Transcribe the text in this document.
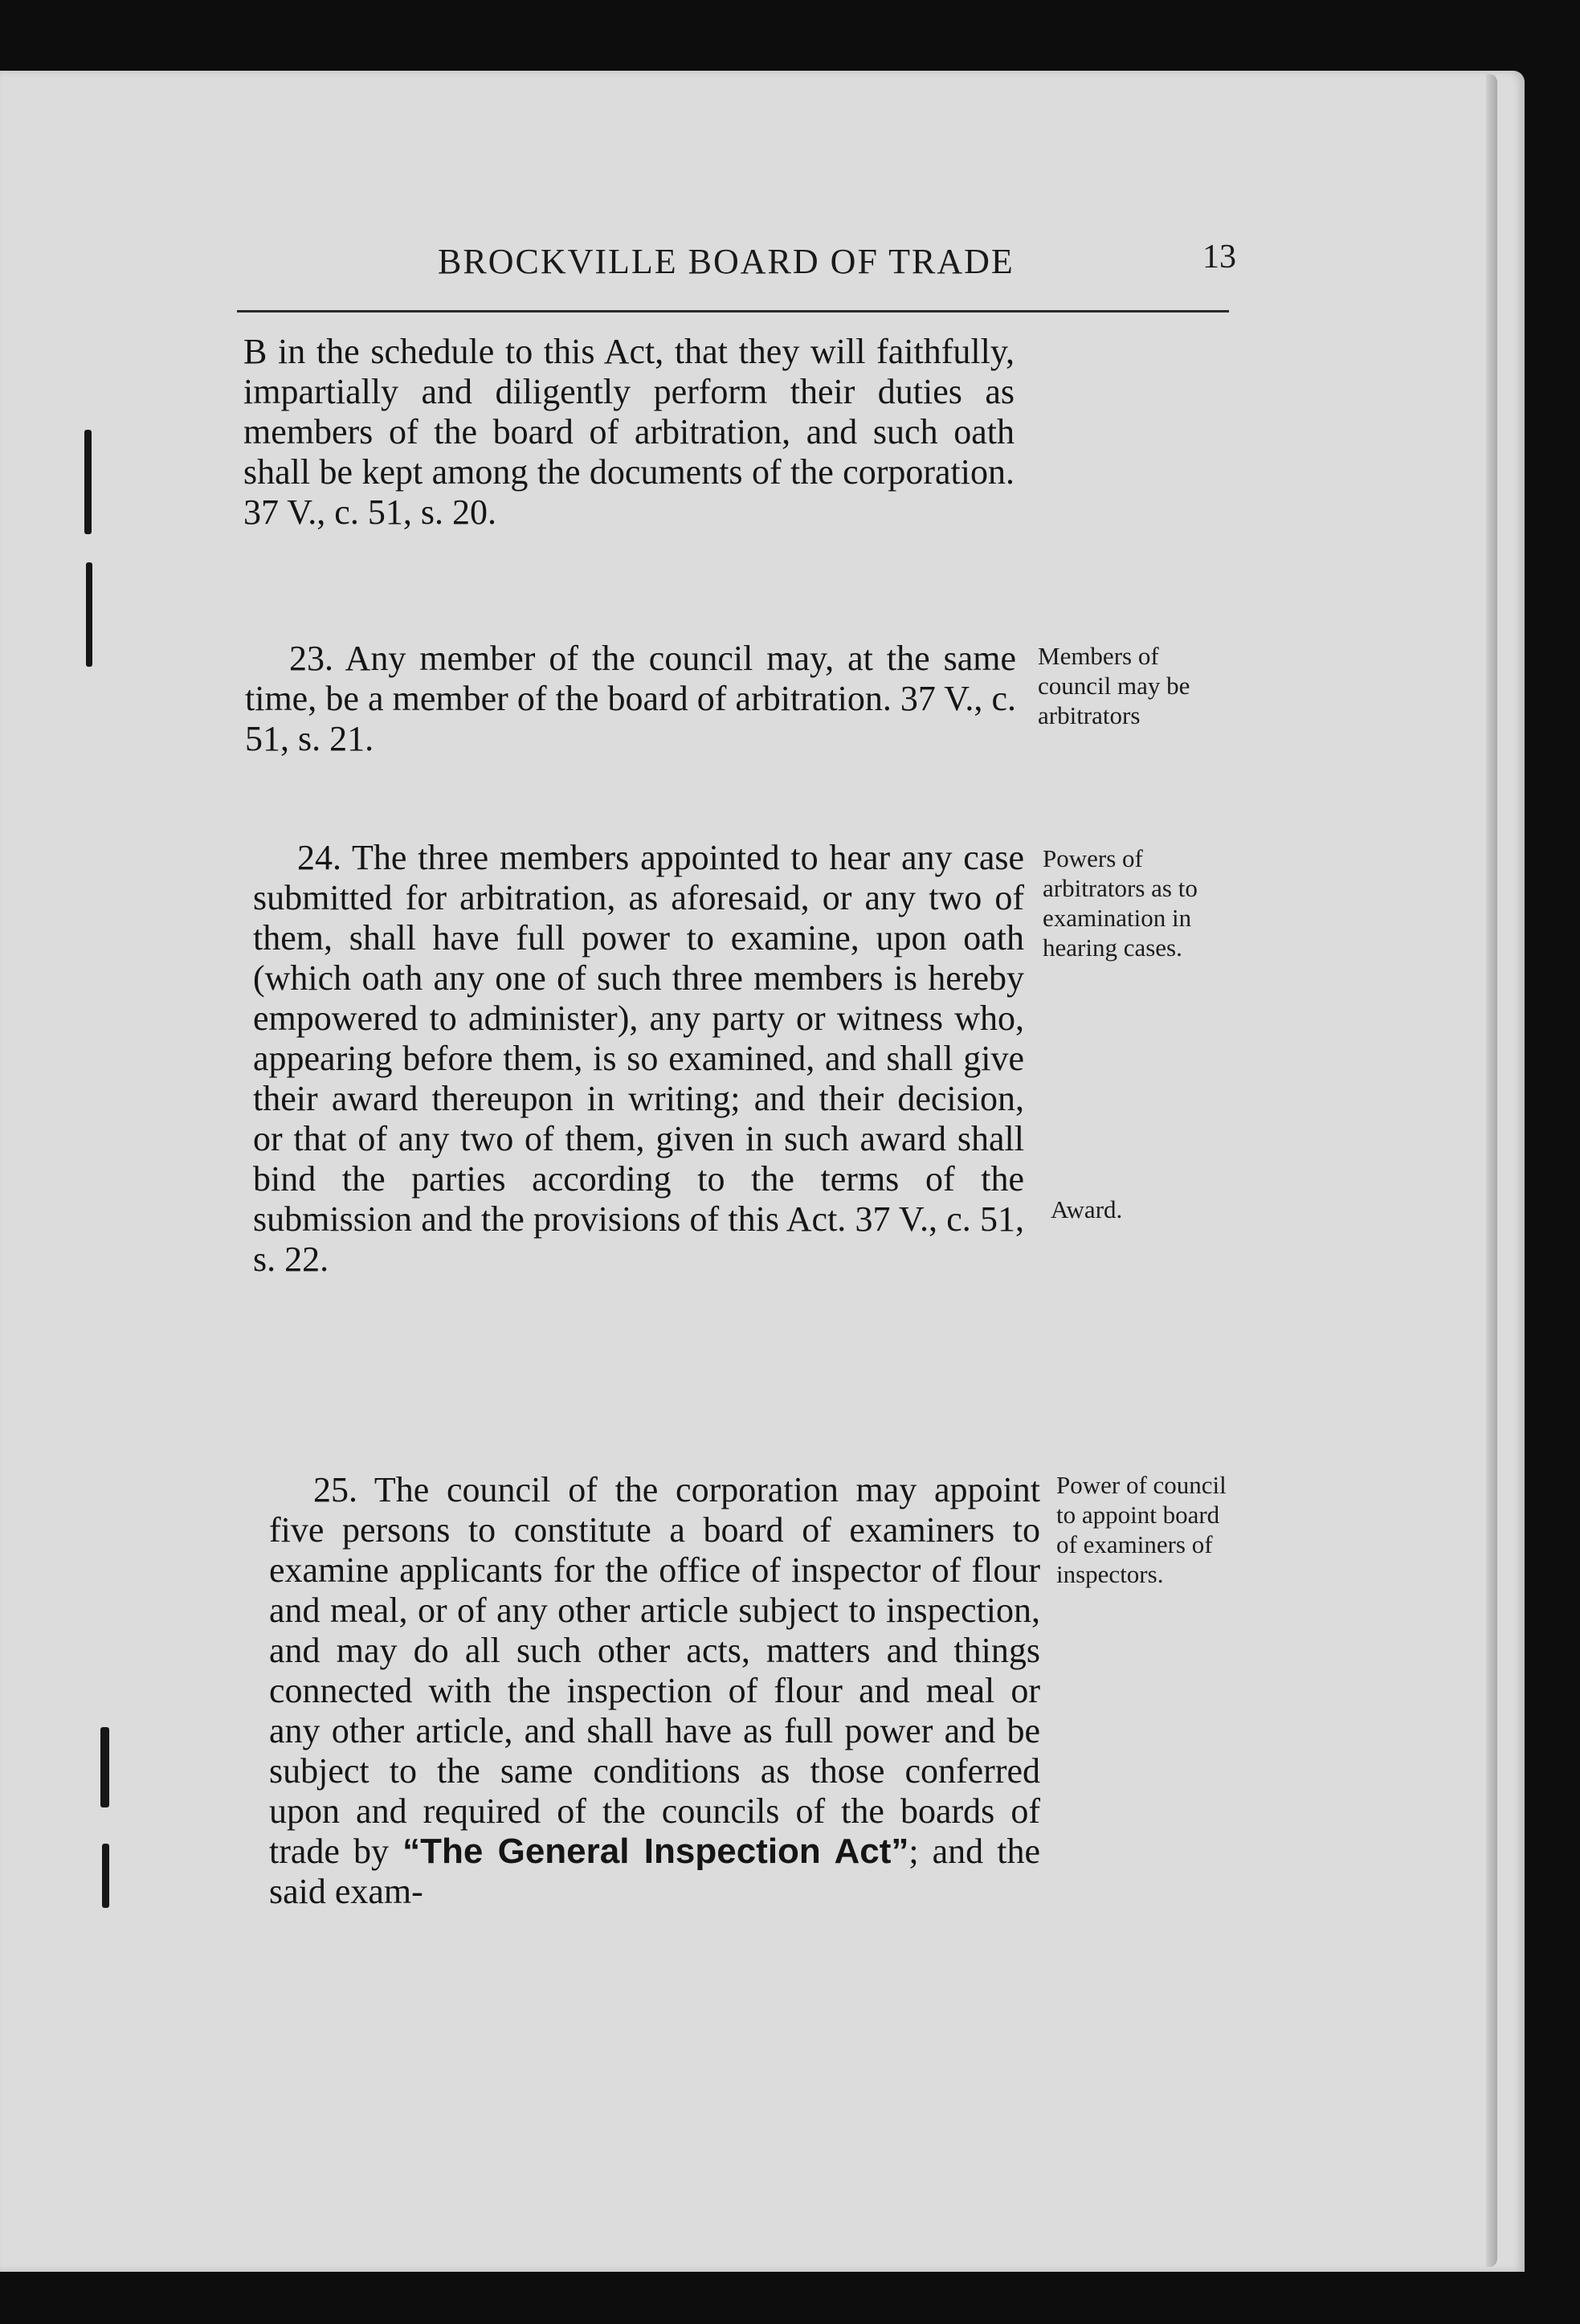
BROCKVILLE BOARD OF TRADE	13

B in the schedule to this Act, that they will faithfully, impartially and diligently perform their duties as members of the board of arbitration, and such oath shall be kept among the documents of the corporation. 37 V., c. 51, s. 20.

23. Any member of the council may, at the same time, be a member of the board of arbitration. 37 V., c. 51, s. 21.

24. The three members appointed to hear any case submitted for arbitration, as aforesaid, or any two of them, shall have full power to examine, upon oath (which oath any one of such three members is hereby empowered to administer), any party or witness who, appearing before them, is so examined, and shall give their award thereupon in writing; and their decision, or that of any two of them, given in such award shall bind the parties according to the terms of the submission and the provisions of this Act. 37 V., c. 51, s. 22.

25. The council of the corporation may appoint five persons to constitute a board of examiners to examine applicants for the office of inspector of flour and meal, or of any other article subject to inspection, and may do all such other acts, matters and things connected with the inspection of flour and meal or any other article, and shall have as full power and be subject to the same conditions as those conferred upon and required of the councils of the boards of trade by “The General Inspection Act”; and the said exam-

Members of council may be arbitrators

Powers of arbitrators as to examination in hearing cases.

Award.

Power of council to appoint board of examiners of inspectors.
